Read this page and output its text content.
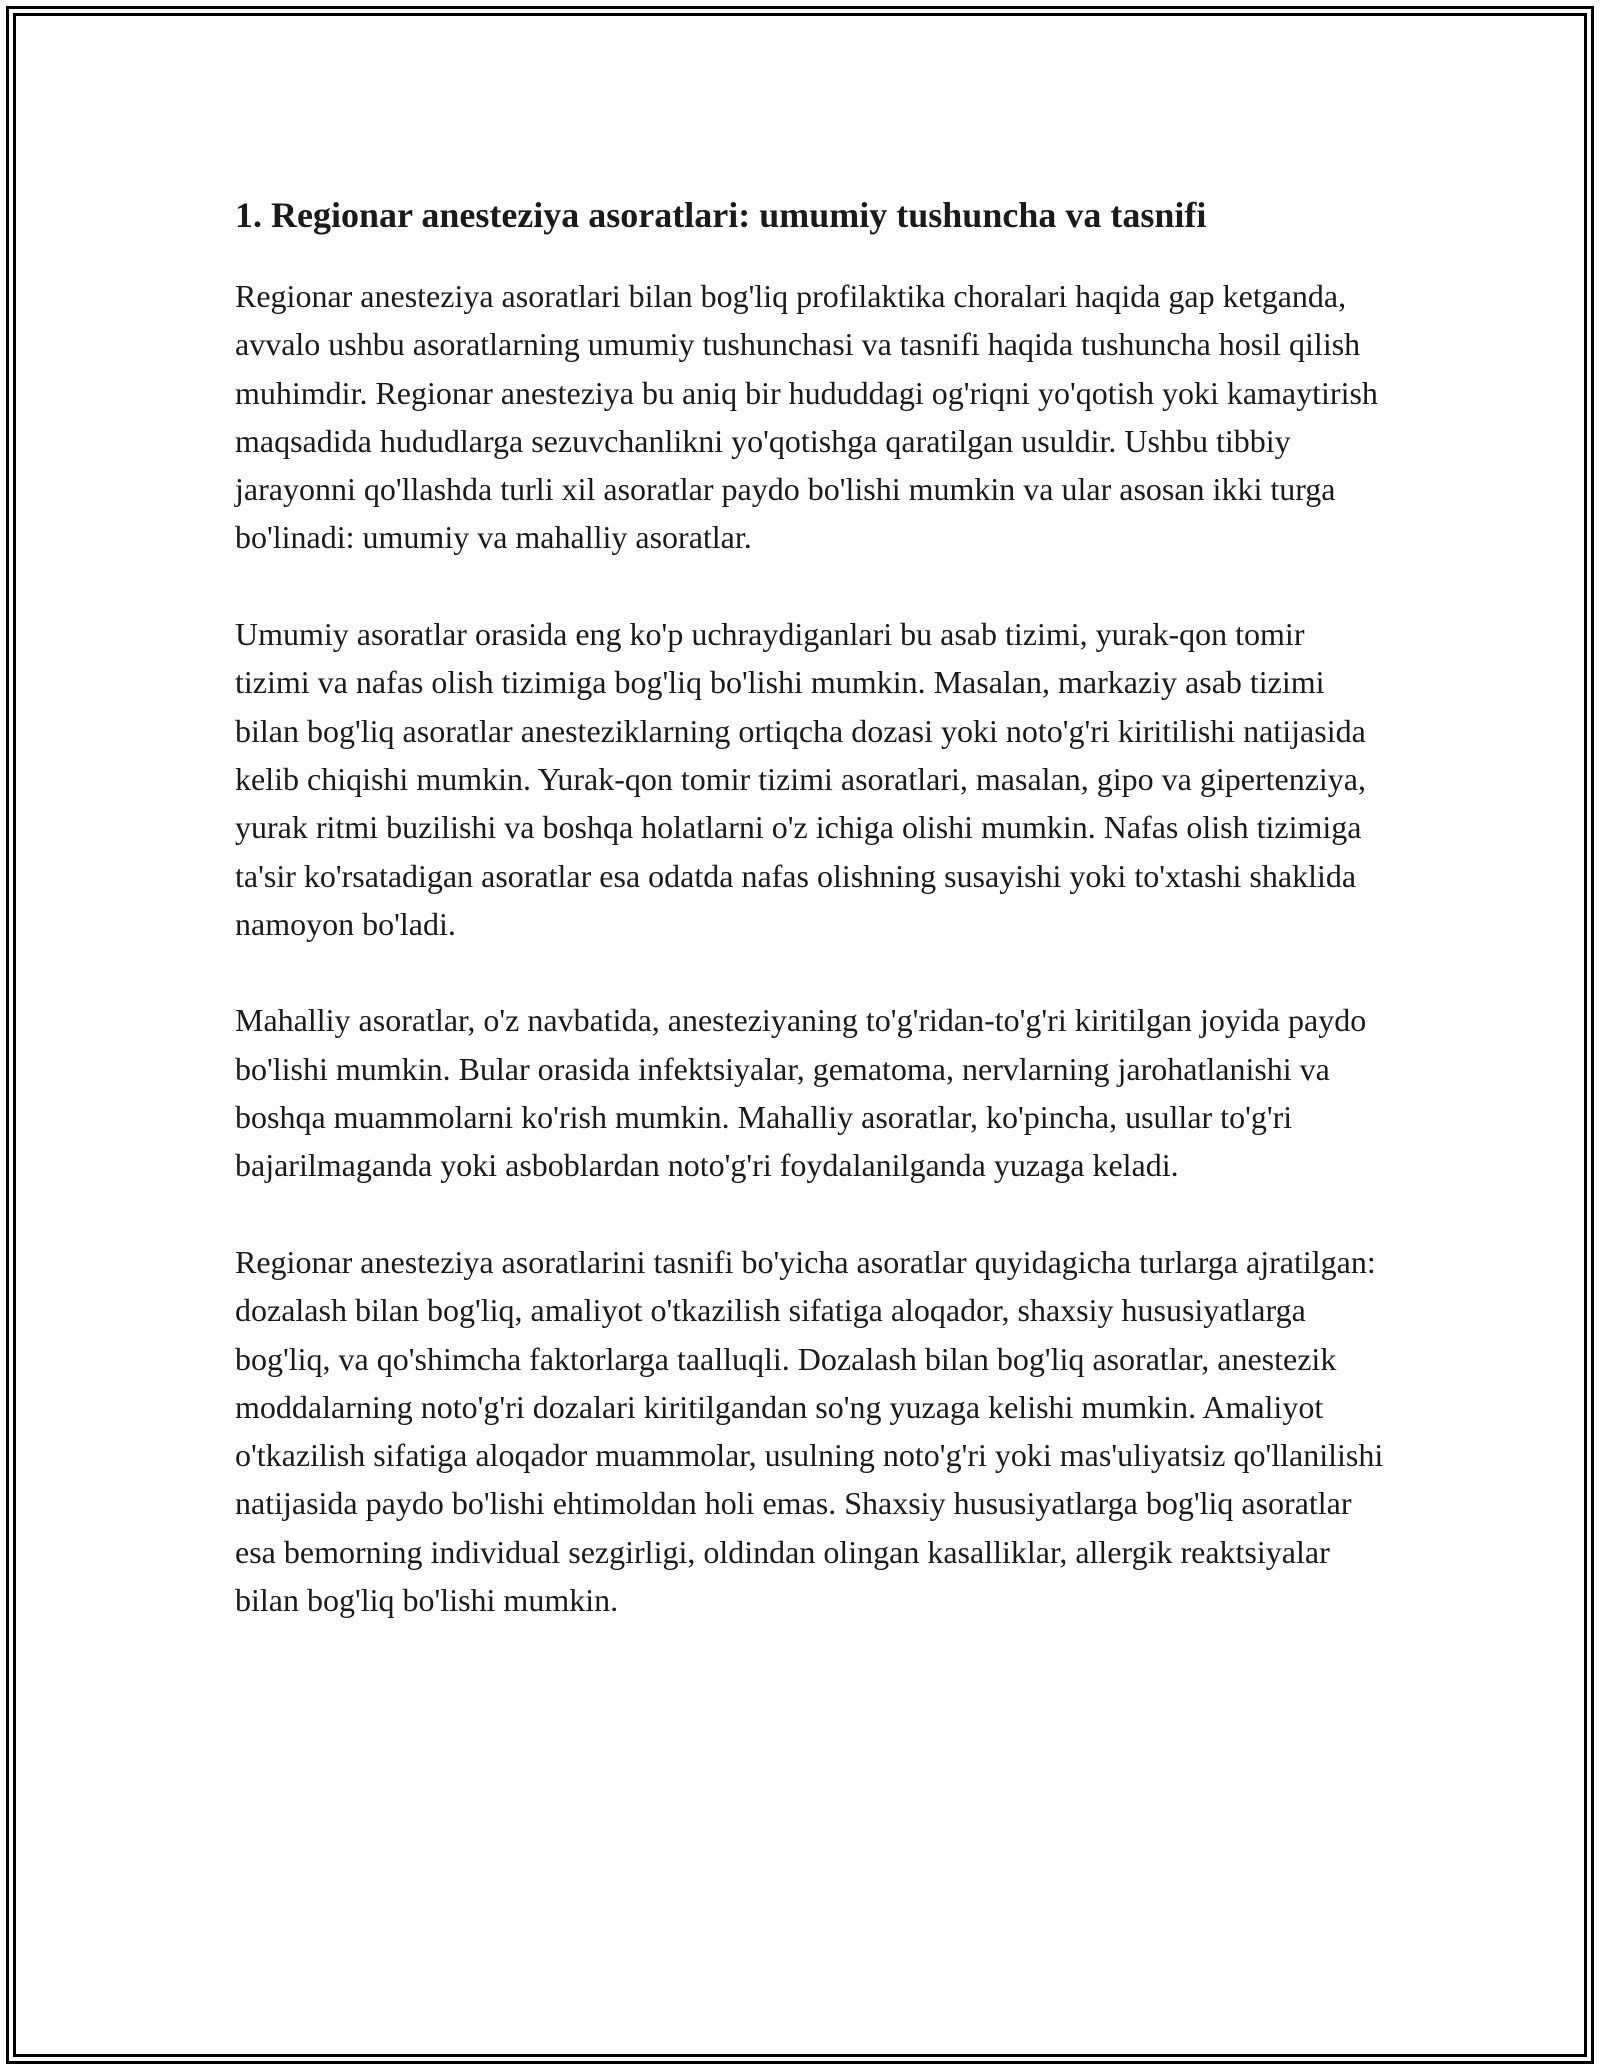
1. Regionar anesteziya asoratlari: umumiy tushuncha va tasnifi

Regionar anesteziya asoratlari bilan bog'liq profilaktika choralari haqida gap ketganda, avvalo ushbu asoratlarning umumiy tushunchasi va tasnifi haqida tushuncha hosil qilish muhimdir. Regionar anesteziya bu aniq bir hududdagi og'riqni yo'qotish yoki kamaytirish maqsadida hududlarga sezuvchanlikni yo'qotishga qaratilgan usuldir. Ushbu tibbiy jarayonni qo'llashda turli xil asoratlar paydo bo'lishi mumkin va ular asosan ikki turga bo'linadi: umumiy va mahalliy asoratlar.

Umumiy asoratlar orasida eng ko'p uchraydiganlari bu asab tizimi, yurak-qon tomir tizimi va nafas olish tizimiga bog'liq bo'lishi mumkin. Masalan, markaziy asab tizimi bilan bog'liq asoratlar anesteziklarning ortiqcha dozasi yoki noto'g'ri kiritilishi natijasida kelib chiqishi mumkin. Yurak-qon tomir tizimi asoratlari, masalan, gipo va gipertenziya, yurak ritmi buzilishi va boshqa holatlarni o'z ichiga olishi mumkin. Nafas olish tizimiga ta'sir ko'rsatadigan asoratlar esa odatda nafas olishning susayishi yoki to'xtashi shaklida namoyon bo'ladi.

Mahalliy asoratlar, o'z navbatida, anesteziyaning to'g'ridan-to'g'ri kiritilgan joyida paydo bo'lishi mumkin. Bular orasida infektsiyalar, gematoma, nervlarning jarohatlanishi va boshqa muammolarni ko'rish mumkin. Mahalliy asoratlar, ko'pincha, usullar to'g'ri bajarilmaganda yoki asboblardan noto'g'ri foydalanilganda yuzaga keladi.

Regionar anesteziya asoratlarini tasnifi bo'yicha asoratlar quyidagicha turlarga ajratilgan: dozalash bilan bog'liq, amaliyot o'tkazilish sifatiga aloqador, shaxsiy hususiyatlarga bog'liq, va qo'shimcha faktorlarga taalluqli. Dozalash bilan bog'liq asoratlar, anestezik moddalarning noto'g'ri dozalari kiritilgandan so'ng yuzaga kelishi mumkin. Amaliyot o'tkazilish sifatiga aloqador muammolar, usulning noto'g'ri yoki mas'uliyatsiz qo'llanilishi natijasida paydo bo'lishi ehtimoldan holi emas. Shaxsiy hususiyatlarga bog'liq asoratlar esa bemorning individual sezgirligi, oldindan olingan kasalliklar, allergik reaktsiyalar bilan bog'liq bo'lishi mumkin.
